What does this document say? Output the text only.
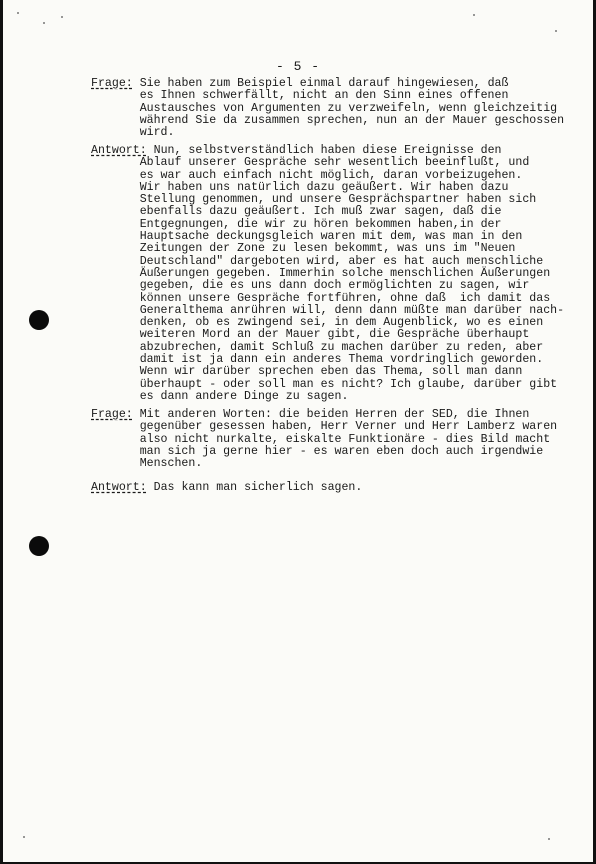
- 5 -
Frage: Sie haben zum Beispiel einmal darauf hingewiesen, daß
es Ihnen schwerfällt, nicht an den Sinn eines offenen
Austausches von Argumenten zu verzweifeln, wenn gleichzeitig
während Sie da zusammen sprechen, nun an der Mauer geschossen
wird.
Antwort: Nun, selbstverständlich haben diese Ereignisse den
Ablauf unserer Gespräche sehr wesentlich beeinflußt, und
es war auch einfach nicht möglich, daran vorbeizugehen.
Wir haben uns natürlich dazu geäußert. Wir haben dazu
Stellung genommen, und unsere Gesprächspartner haben sich
ebenfalls dazu geäußert. Ich muß zwar sagen, daß die
Entgegnungen, die wir zu hören bekommen haben,in der
Hauptsache deckungsgleich waren mit dem, was man in den
Zeitungen der Zone zu lesen bekommt, was uns im "Neuen
Deutschland" dargeboten wird, aber es hat auch menschliche
Äußerungen gegeben. Immerhin solche menschlichen Äußerungen
gegeben, die es uns dann doch ermöglichten zu sagen, wir
können unsere Gespräche fortführen, ohne daß  ich damit das
Generalthema anrühren will, denn dann müßte man darüber nach-
denken, ob es zwingend sei, in dem Augenblick, wo es einen
weiteren Mord an der Mauer gibt, die Gespräche überhaupt
abzubrechen, damit Schluß zu machen darüber zu reden, aber
damit ist ja dann ein anderes Thema vordringlich geworden.
Wenn wir darüber sprechen eben das Thema, soll man dann
überhaupt - oder soll man es nicht? Ich glaube, darüber gibt
es dann andere Dinge zu sagen.
Frage: Mit anderen Worten: die beiden Herren der SED, die Ihnen
gegenüber gesessen haben, Herr Verner und Herr Lamberz waren
also nicht nurkalte, eiskalte Funktionäre - dies Bild macht
man sich ja gerne hier - es waren eben doch auch irgendwie
Menschen.
Antwort: Das kann man sicherlich sagen.
